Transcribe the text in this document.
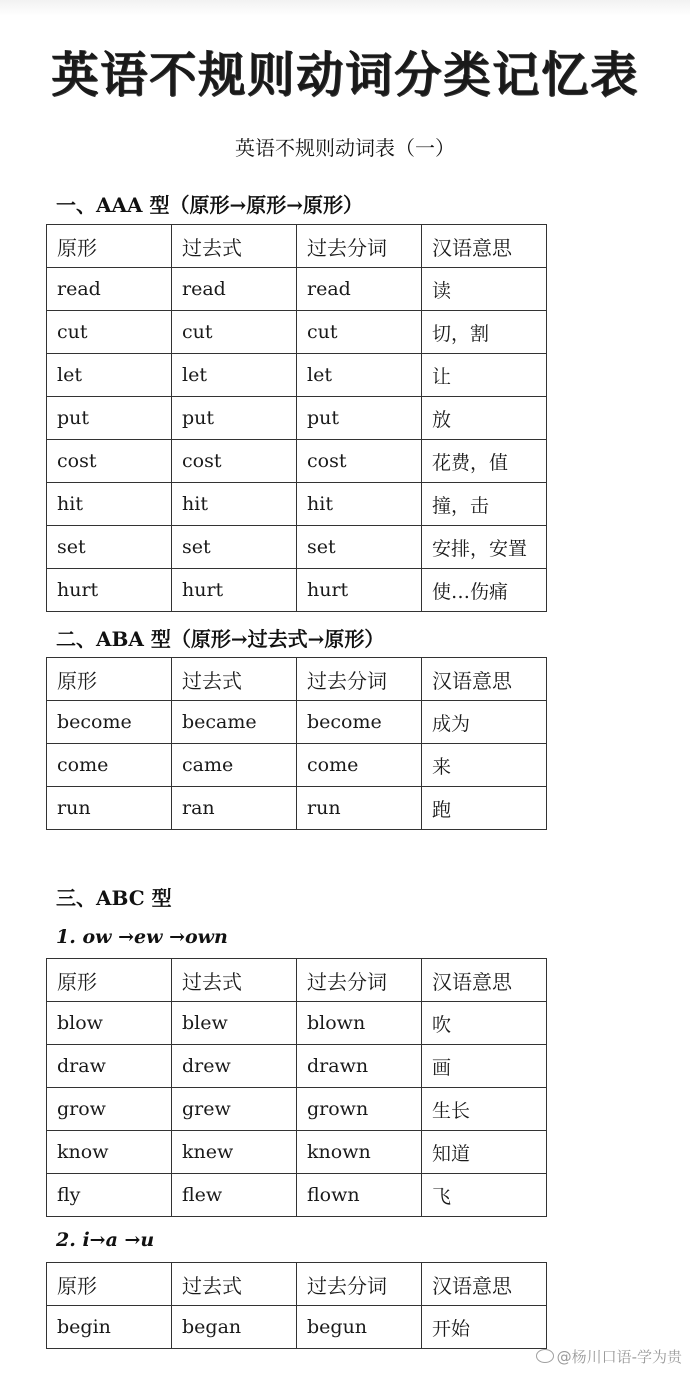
英语不规则动词分类记忆表
英语不规则动词表（一）
一、AAA 型（原形→原形→原形）
原形	过去式	过去分词	汉语意思
read	read	read	读
cut	cut	cut	切，割
let	let	let	让
put	put	put	放
cost	cost	cost	花费，值
hit	hit	hit	撞，击
set	set	set	安排，安置
hurt	hurt	hurt	使…伤痛
二、ABA 型（原形→过去式→原形）
原形	过去式	过去分词	汉语意思
become	became	become	成为
come	came	come	来
run	ran	run	跑
三、ABC 型
1. ow →ew →own
原形	过去式	过去分词	汉语意思
blow	blew	blown	吹
draw	drew	drawn	画
grow	grew	grown	生长
know	knew	known	知道
fly	flew	flown	飞
2. i→a →u
原形	过去式	过去分词	汉语意思
begin	began	begun	开始
@杨川口语-学为贵
